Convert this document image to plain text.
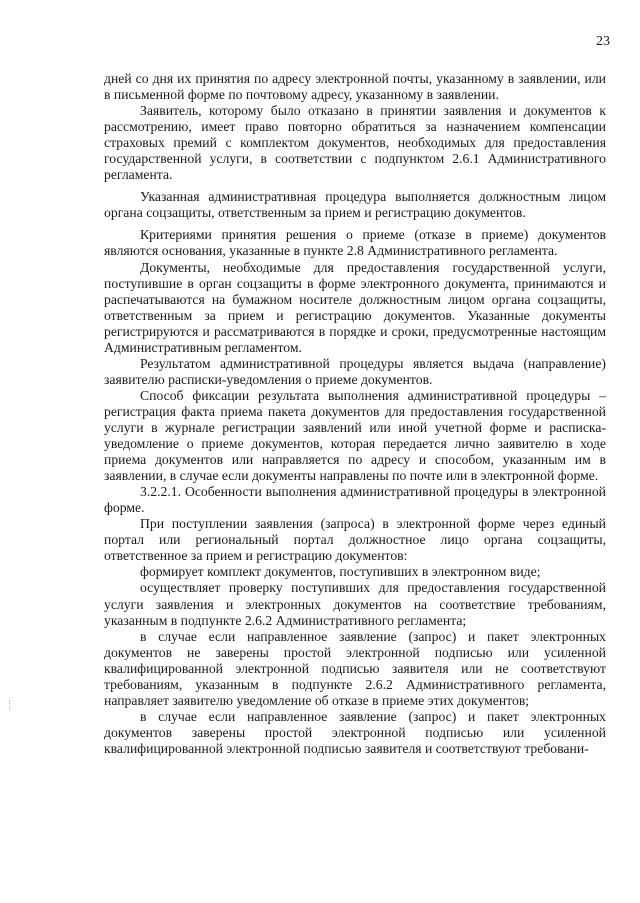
23

дней со дня их принятия по адресу электронной почты, указанному в заявлении, или в письменной форме по почтовому адресу, указанному в заявлении.

Заявитель, которому было отказано в принятии заявления и документов к рассмотрению, имеет право повторно обратиться за назначением компенсации страховых премий с комплектом документов, необходимых для предоставления государственной услуги, в соответствии с подпунктом 2.6.1 Административного регламента.

Указанная административная процедура выполняется должностным лицом органа соцзащиты, ответственным за прием и регистрацию документов.

Критериями принятия решения о приеме (отказе в приеме) документов являются основания, указанные в пункте 2.8 Административного регламента.

Документы, необходимые для предоставления государственной услуги, поступившие в орган соцзащиты в форме электронного документа, принимаются и распечатываются на бумажном носителе должностным лицом органа соцзащиты, ответственным за прием и регистрацию документов. Указанные документы регистрируются и рассматриваются в порядке и сроки, предусмотренные настоящим Административным регламентом.

Результатом административной процедуры является выдача (направление) заявителю расписки-уведомления о приеме документов.

Способ фиксации результата выполнения административной процедуры – регистрация факта приема пакета документов для предоставления государственной услуги в журнале регистрации заявлений или иной учетной форме и расписка-уведомление о приеме документов, которая передается лично заявителю в ходе приема документов или направляется по адресу и способом, указанным им в заявлении, в случае если документы направлены по почте или в электронной форме.

3.2.2.1. Особенности выполнения административной процедуры в электронной форме.

При поступлении заявления (запроса) в электронной форме через единый портал или региональный портал должностное лицо органа соцзащиты, ответственное за прием и регистрацию документов:

формирует комплект документов, поступивших в электронном виде;

осуществляет проверку поступивших для предоставления государственной услуги заявления и электронных документов на соответствие требованиям, указанным в подпункте 2.6.2 Административного регламента;

в случае если направленное заявление (запрос) и пакет электронных документов не заверены простой электронной подписью или усиленной квалифицированной электронной подписью заявителя или не соответствуют требованиям, указанным в подпункте 2.6.2 Административного регламента, направляет заявителю уведомление об отказе в приеме этих документов;

в случае если направленное заявление (запрос) и пакет электронных документов заверены простой электронной подписью или усиленной квалифицированной электронной подписью заявителя и соответствуют требовани-
